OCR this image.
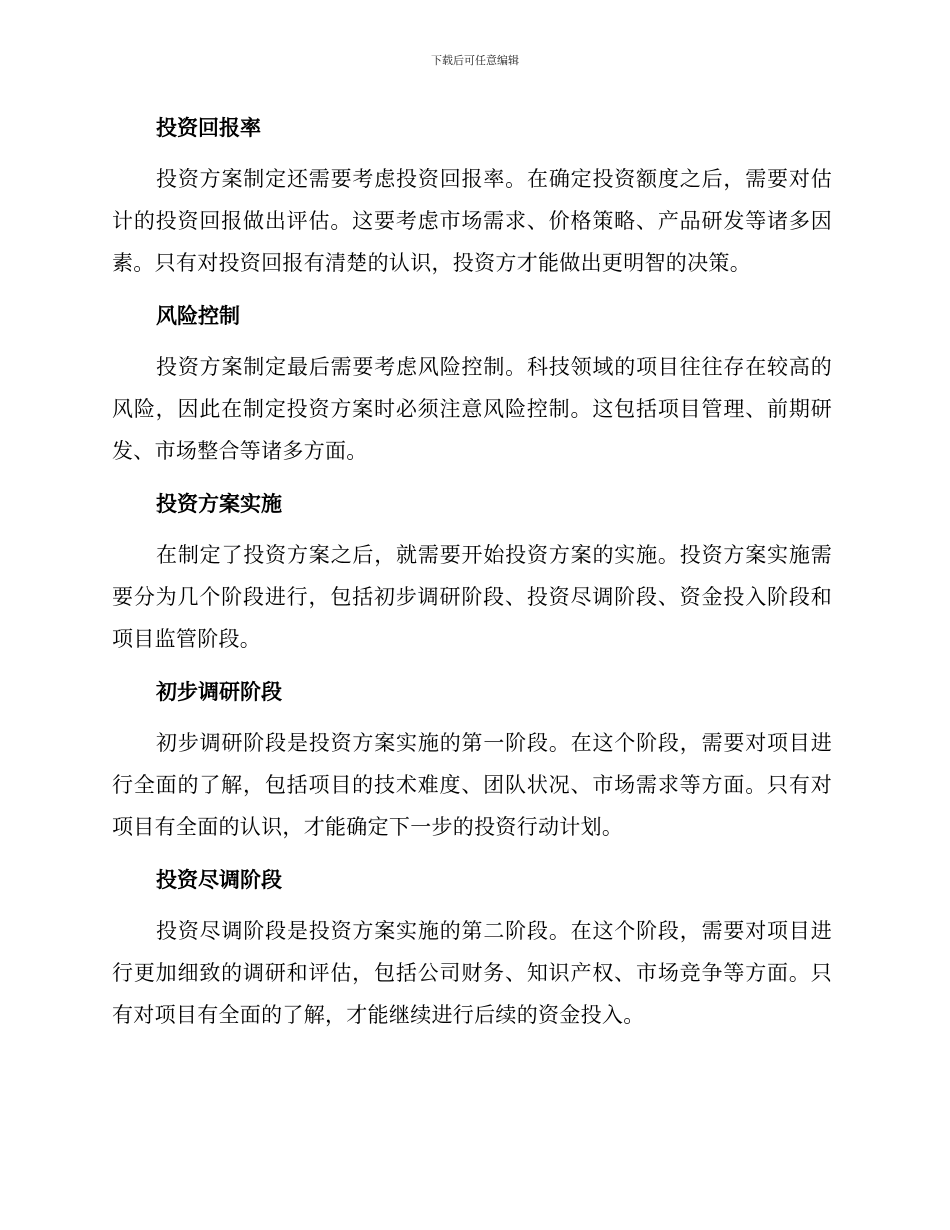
下载后可任意编辑
投资回报率

投资方案制定还需要考虑投资回报率。在确定投资额度之后，需要对估计的投资回报做出评估。这要考虑市场需求、价格策略、产品研发等诸多因素。只有对投资回报有清楚的认识，投资方才能做出更明智的决策。

风险控制

投资方案制定最后需要考虑风险控制。科技领域的项目往往存在较高的风险，因此在制定投资方案时必须注意风险控制。这包括项目管理、前期研发、市场整合等诸多方面。

投资方案实施

在制定了投资方案之后，就需要开始投资方案的实施。投资方案实施需要分为几个阶段进行，包括初步调研阶段、投资尽调阶段、资金投入阶段和项目监管阶段。

初步调研阶段

初步调研阶段是投资方案实施的第一阶段。在这个阶段，需要对项目进行全面的了解，包括项目的技术难度、团队状况、市场需求等方面。只有对项目有全面的认识，才能确定下一步的投资行动计划。

投资尽调阶段

投资尽调阶段是投资方案实施的第二阶段。在这个阶段，需要对项目进行更加细致的调研和评估，包括公司财务、知识产权、市场竞争等方面。只有对项目有全面的了解，才能继续进行后续的资金投入。
